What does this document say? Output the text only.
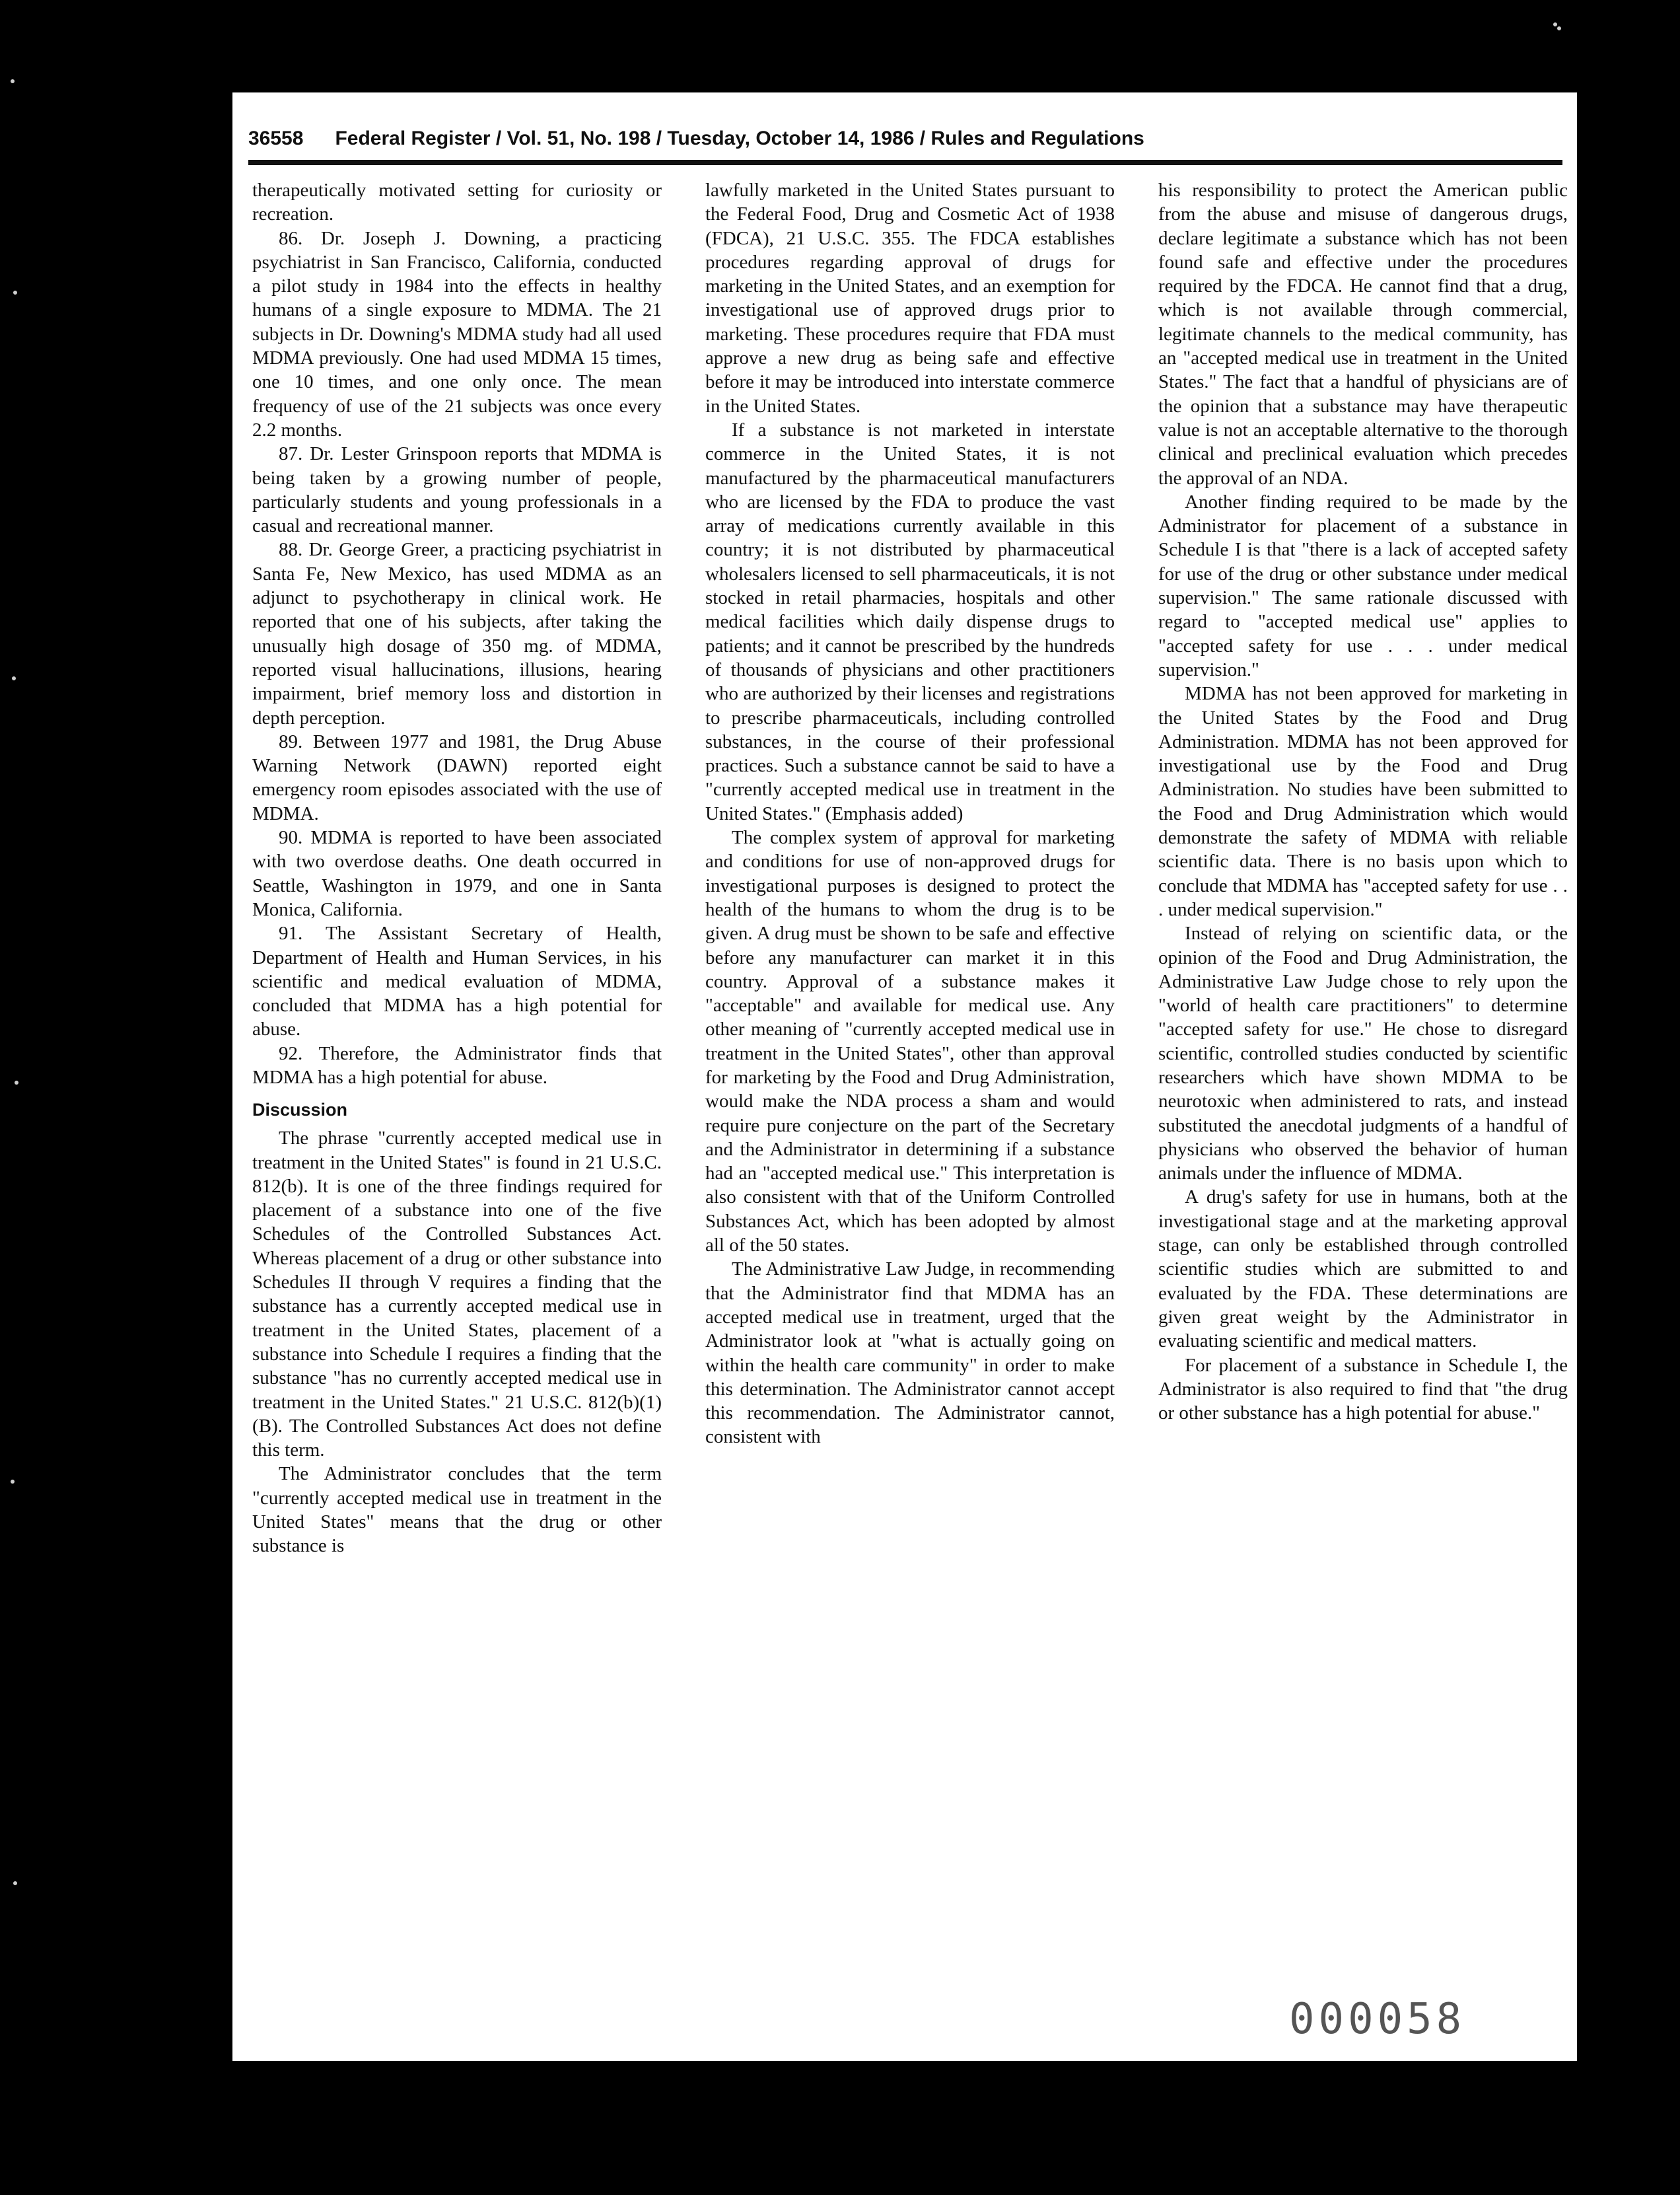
36558 Federal Register / Vol. 51, No. 198 / Tuesday, October 14, 1986 / Rules and Regulations

therapeutically motivated setting for curiosity or recreation.

86. Dr. Joseph J. Downing, a practicing psychiatrist in San Francisco, California, conducted a pilot study in 1984 into the effects in healthy humans of a single exposure to MDMA. The 21 subjects in Dr. Downing's MDMA study had all used MDMA previously. One had used MDMA 15 times, one 10 times, and one only once. The mean frequency of use of the 21 subjects was once every 2.2 months.

87. Dr. Lester Grinspoon reports that MDMA is being taken by a growing number of people, particularly students and young professionals in a casual and recreational manner.

88. Dr. George Greer, a practicing psychiatrist in Santa Fe, New Mexico, has used MDMA as an adjunct to psychotherapy in clinical work. He reported that one of his subjects, after taking the unusually high dosage of 350 mg. of MDMA, reported visual hallucinations, illusions, hearing impairment, brief memory loss and distortion in depth perception.

89. Between 1977 and 1981, the Drug Abuse Warning Network (DAWN) reported eight emergency room episodes associated with the use of MDMA.

90. MDMA is reported to have been associated with two overdose deaths. One death occurred in Seattle, Washington in 1979, and one in Santa Monica, California.

91. The Assistant Secretary of Health, Department of Health and Human Services, in his scientific and medical evaluation of MDMA, concluded that MDMA has a high potential for abuse.

92. Therefore, the Administrator finds that MDMA has a high potential for abuse.

Discussion

The phrase "currently accepted medical use in treatment in the United States" is found in 21 U.S.C. 812(b). It is one of the three findings required for placement of a substance into one of the five Schedules of the Controlled Substances Act. Whereas placement of a drug or other substance into Schedules II through V requires a finding that the substance has a currently accepted medical use in treatment in the United States, placement of a substance into Schedule I requires a finding that the substance "has no currently accepted medical use in treatment in the United States." 21 U.S.C. 812(b)(1)(B). The Controlled Substances Act does not define this term.

The Administrator concludes that the term "currently accepted medical use in treatment in the United States" means that the drug or other substance is

lawfully marketed in the United States pursuant to the Federal Food, Drug and Cosmetic Act of 1938 (FDCA), 21 U.S.C. 355. The FDCA establishes procedures regarding approval of drugs for marketing in the United States, and an exemption for investigational use of approved drugs prior to marketing. These procedures require that FDA must approve a new drug as being safe and effective before it may be introduced into interstate commerce in the United States.

If a substance is not marketed in interstate commerce in the United States, it is not manufactured by the pharmaceutical manufacturers who are licensed by the FDA to produce the vast array of medications currently available in this country; it is not distributed by pharmaceutical wholesalers licensed to sell pharmaceuticals, it is not stocked in retail pharmacies, hospitals and other medical facilities which daily dispense drugs to patients; and it cannot be prescribed by the hundreds of thousands of physicians and other practitioners who are authorized by their licenses and registrations to prescribe pharmaceuticals, including controlled substances, in the course of their professional practices. Such a substance cannot be said to have a "currently accepted medical use in treatment in the United States." (Emphasis added)

The complex system of approval for marketing and conditions for use of non-approved drugs for investigational purposes is designed to protect the health of the humans to whom the drug is to be given. A drug must be shown to be safe and effective before any manufacturer can market it in this country. Approval of a substance makes it "acceptable" and available for medical use. Any other meaning of "currently accepted medical use in treatment in the United States", other than approval for marketing by the Food and Drug Administration, would make the NDA process a sham and would require pure conjecture on the part of the Secretary and the Administrator in determining if a substance had an "accepted medical use." This interpretation is also consistent with that of the Uniform Controlled Substances Act, which has been adopted by almost all of the 50 states.

The Administrative Law Judge, in recommending that the Administrator find that MDMA has an accepted medical use in treatment, urged that the Administrator look at "what is actually going on within the health care community" in order to make this determination. The Administrator cannot accept this recommendation. The Administrator cannot, consistent with

his responsibility to protect the American public from the abuse and misuse of dangerous drugs, declare legitimate a substance which has not been found safe and effective under the procedures required by the FDCA. He cannot find that a drug, which is not available through commercial, legitimate channels to the medical community, has an "accepted medical use in treatment in the United States." The fact that a handful of physicians are of the opinion that a substance may have therapeutic value is not an acceptable alternative to the thorough clinical and preclinical evaluation which precedes the approval of an NDA.

Another finding required to be made by the Administrator for placement of a substance in Schedule I is that "there is a lack of accepted safety for use of the drug or other substance under medical supervision." The same rationale discussed with regard to "accepted medical use" applies to "accepted safety for use . . . under medical supervision."

MDMA has not been approved for marketing in the United States by the Food and Drug Administration. MDMA has not been approved for investigational use by the Food and Drug Administration. No studies have been submitted to the Food and Drug Administration which would demonstrate the safety of MDMA with reliable scientific data. There is no basis upon which to conclude that MDMA has "accepted safety for use . . . under medical supervision."

Instead of relying on scientific data, or the opinion of the Food and Drug Administration, the Administrative Law Judge chose to rely upon the "world of health care practitioners" to determine "accepted safety for use." He chose to disregard scientific, controlled studies conducted by scientific researchers which have shown MDMA to be neurotoxic when administered to rats, and instead substituted the anecdotal judgments of a handful of physicians who observed the behavior of human animals under the influence of MDMA.

A drug's safety for use in humans, both at the investigational stage and at the marketing approval stage, can only be established through controlled scientific studies which are submitted to and evaluated by the FDA. These determinations are given great weight by the Administrator in evaluating scientific and medical matters.

For placement of a substance in Schedule I, the Administrator is also required to find that "the drug or other substance has a high potential for abuse."

000058
